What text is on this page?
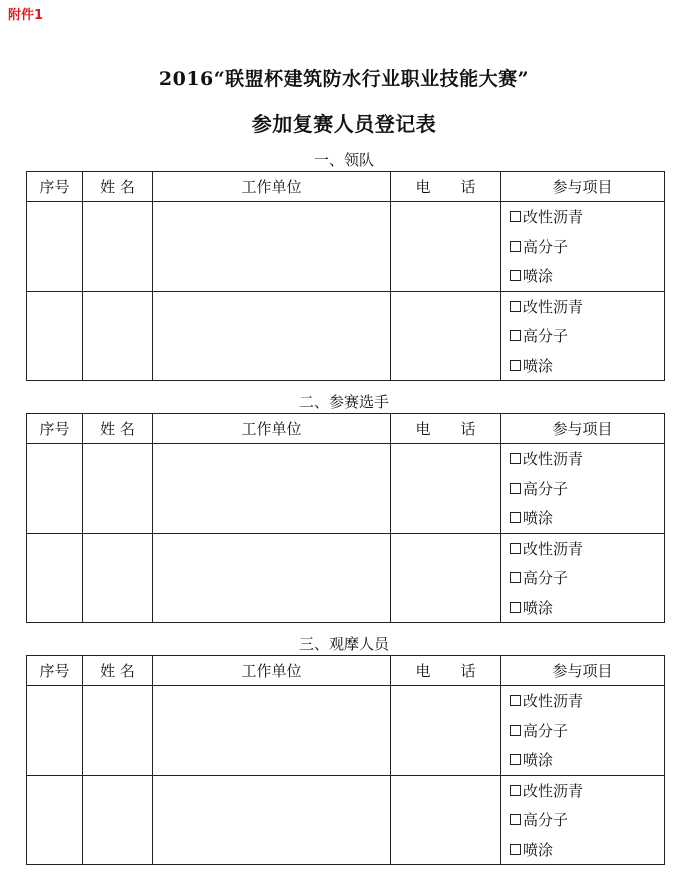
附件1
2016“联盟杯建筑防水行业职业技能大赛”
参加复赛人员登记表
一、领队
序号	姓 名	工作单位	电　　话	参与项目

				改性沥青
高分子
喷涂

				改性沥青
高分子
喷涂
二、参赛选手
序号	姓 名	工作单位	电　　话	参与项目

				改性沥青
高分子
喷涂

				改性沥青
高分子
喷涂
三、观摩人员
序号	姓 名	工作单位	电　　话	参与项目

				改性沥青
高分子
喷涂

				改性沥青
高分子
喷涂
